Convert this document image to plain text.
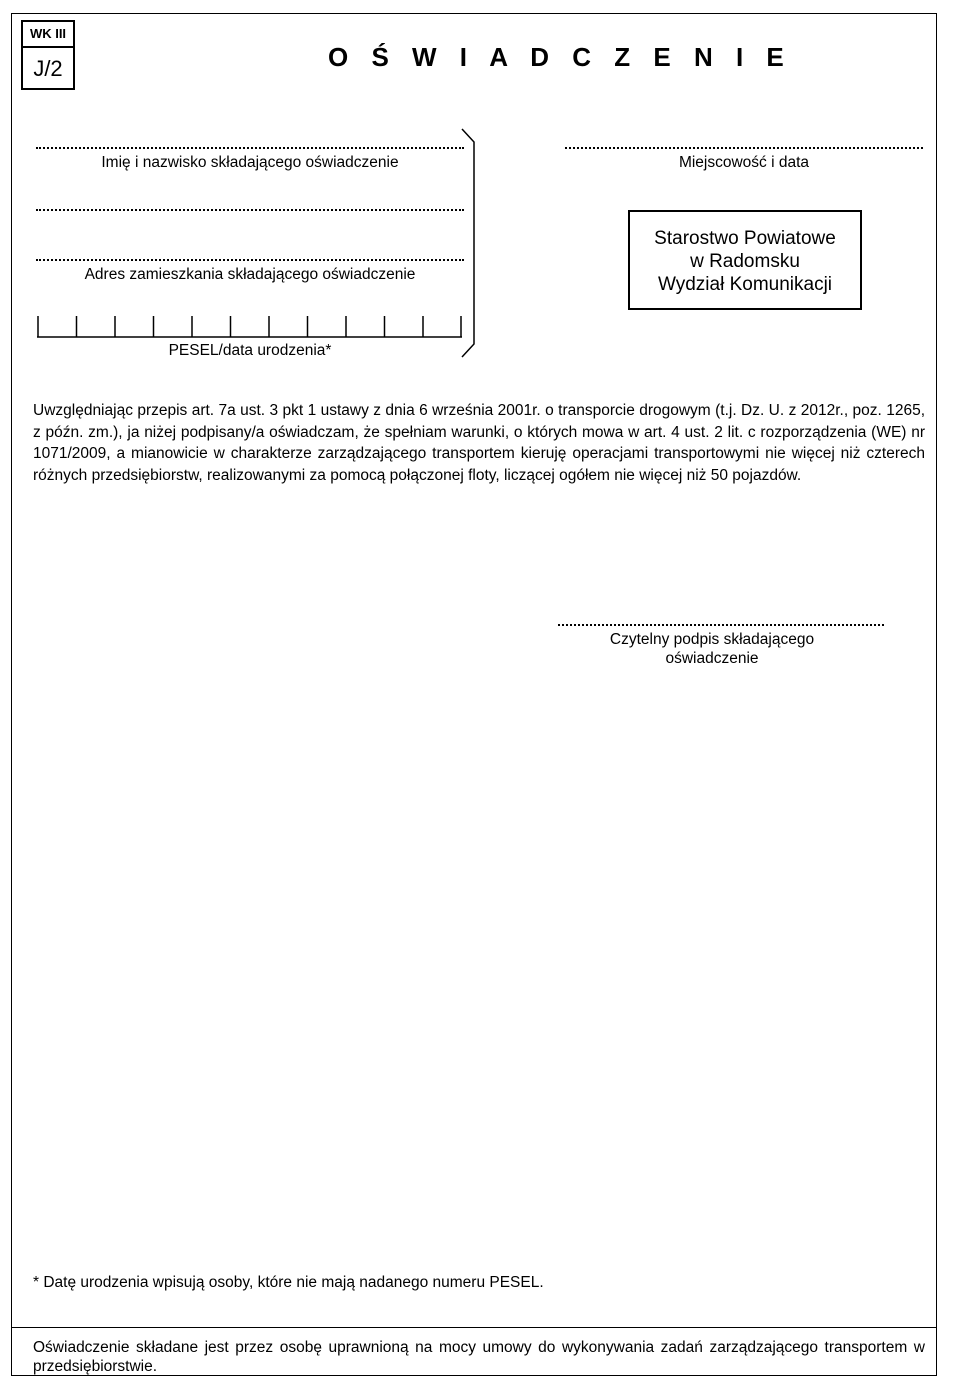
WK III
J/2	O Ś W I A D C Z E N I E
Imię i nazwisko składającego oświadczenie
Adres zamieszkania składającego oświadczenie
PESEL/data urodzenia*
Miejscowość i data
Starostwo Powiatowe
w Radomsku
Wydział Komunikacji
Uwzględniając przepis art. 7a ust. 3 pkt 1 ustawy z dnia 6 września 2001r. o transporcie drogowym (t.j. Dz. U. z 2012r., poz. 1265, z późn. zm.), ja niżej podpisany/a oświadczam, że spełniam warunki, o których mowa w art. 4 ust. 2 lit. c rozporządzenia (WE) nr 1071/2009, a mianowicie w charakterze zarządzającego transportem kieruję operacjami transportowymi nie więcej niż czterech różnych przedsiębiorstw, realizowanymi za pomocą połączonej floty, liczącej ogółem nie więcej niż 50 pojazdów.
Czytelny podpis składającego
oświadczenie
* Datę urodzenia wpisują osoby, które nie mają nadanego numeru PESEL.
Oświadczenie składane jest przez osobę uprawnioną na mocy umowy do wykonywania zadań zarządzającego transportem w przedsiębiorstwie.
